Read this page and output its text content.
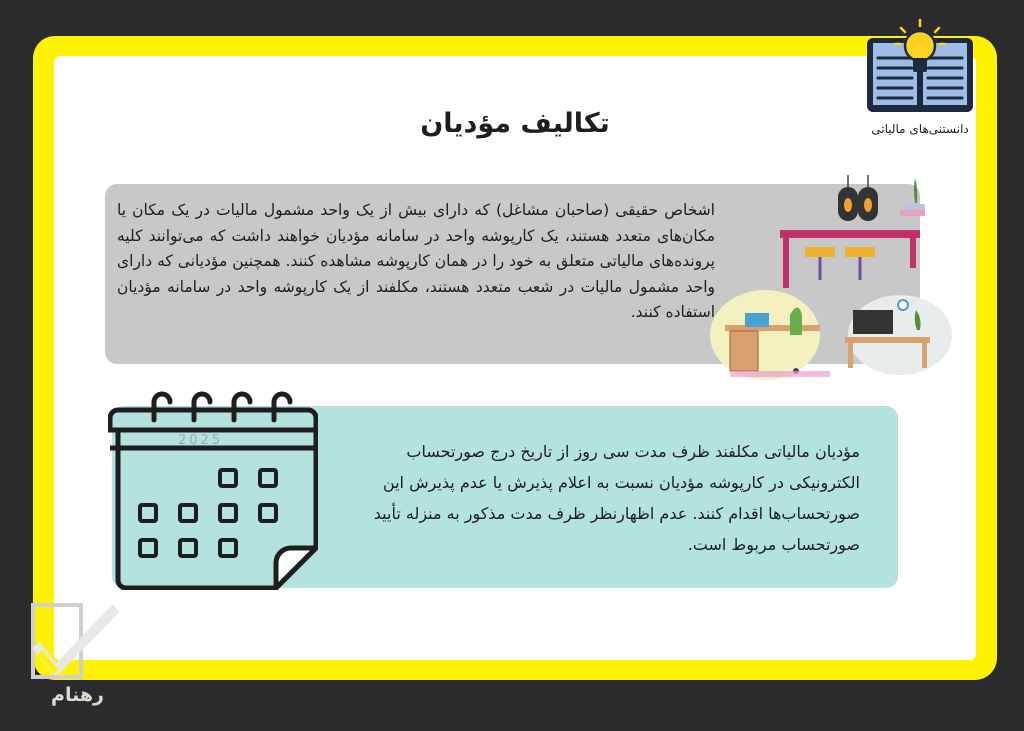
دانستنی‌های مالیاتی
تکالیف مؤدیان
اشخاص حقیقی (صاحبان مشاغل) که دارای بیش از یک واحد مشمول مالیات در یک مکان یا مکان‌های متعدد هستند، یک کارپوشه واحد در سامانه مؤدیان خواهند داشت که می‌توانند کلیه پرونده‌های مالیاتی متعلق به خود را در همان کارپوشه مشاهده کنند. همچنین مؤدیانی که دارای واحد مشمول مالیات در شعب متعدد هستند، مکلفند از یک کارپوشه واحد در سامانه مؤدیان استفاده کنند.
مؤدیان مالیاتی مکلفند ظرف مدت سی روز از تاریخ درج صورتحساب الکترونیکی در کارپوشه مؤدیان نسبت به اعلام پذیرش یا عدم پذیرش این صورتحساب‌ها اقدام کنند. عدم اظهارنظر ظرف مدت مذکور به منزله تأیید صورتحساب مربوط است.
2025
رهنام
